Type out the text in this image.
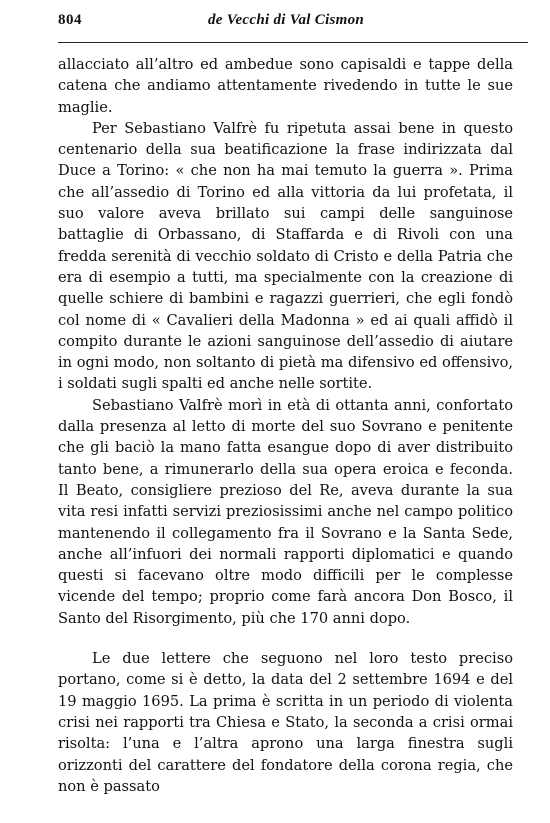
804	de Vecchi di Val Cismon

allacciato all’altro ed ambedue sono capisaldi e tappe della catena che andiamo attentamente rivedendo in tutte le sue maglie.

Per Sebastiano Valfrè fu ripetuta assai bene in questo centenario della sua beatificazione la frase indirizzata dal Duce a Torino: « che non ha mai temuto la guerra ». Prima che all’assedio di Torino ed alla vittoria da lui profetata, il suo valore aveva brillato sui campi delle sanguinose battaglie di Orbassano, di Staffarda e di Rivoli con una fredda serenità di vecchio soldato di Cristo e della Patria che era di esempio a tutti, ma specialmente con la creazione di quelle schiere di bambini e ragazzi guerrieri, che egli fondò col nome di « Cavalieri della Madonna » ed ai quali affidò il compito durante le azioni sanguinose dell’assedio di aiutare in ogni modo, non soltanto di pietà ma difensivo ed offensivo, i soldati sugli spalti ed anche nelle sortite.

Sebastiano Valfrè morì in età di ottanta anni, confortato dalla presenza al letto di morte del suo Sovrano e penitente che gli baciò la mano fatta esangue dopo di aver distribuito tanto bene, a rimunerarlo della sua opera eroica e feconda. Il Beato, consigliere prezioso del Re, aveva durante la sua vita resi infatti servizi preziosissimi anche nel campo politico mantenendo il collegamento fra il Sovrano e la Santa Sede, anche all’infuori dei normali rapporti diplomatici e quando questi si facevano oltre modo difficili per le complesse vicende del tempo; proprio come farà ancora Don Bosco, il Santo del Risorgimento, più che 170 anni dopo.

Le due lettere che seguono nel loro testo preciso portano, come si è detto, la data del 2 settembre 1694 e del 19 maggio 1695. La prima è scritta in un periodo di violenta crisi nei rapporti tra Chiesa e Stato, la seconda a crisi ormai risolta: l’una e l’altra aprono una larga finestra sugli orizzonti del carattere del fondatore della corona regia, che non è passato
